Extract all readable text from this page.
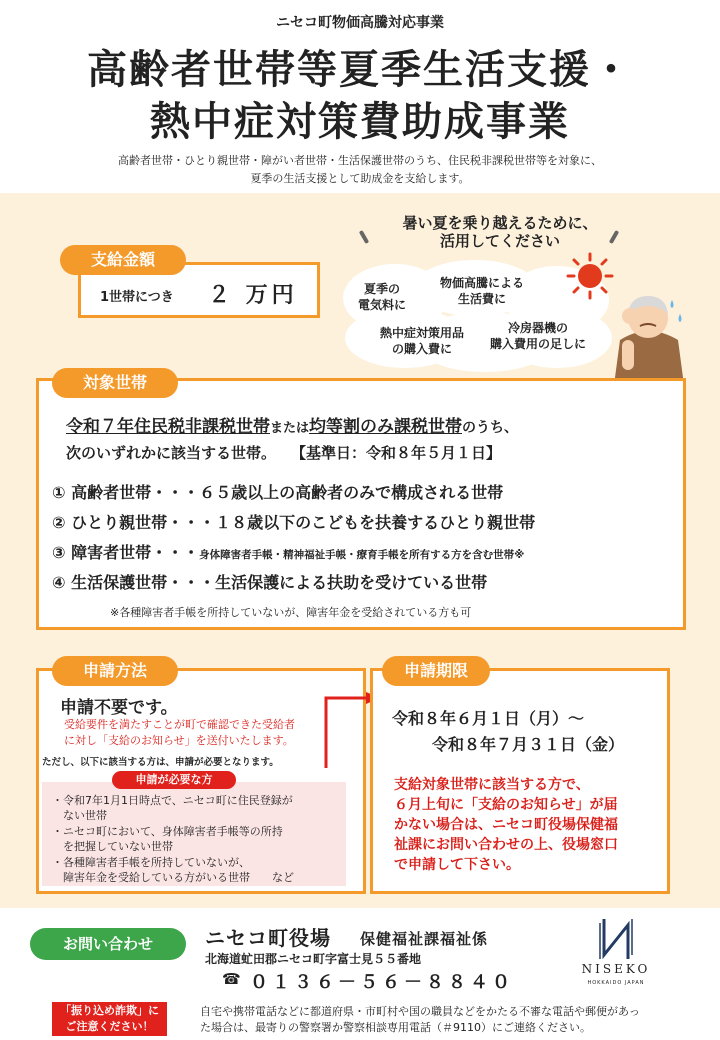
ニセコ町物価高騰対応事業
高齢者世帯等夏季生活支援・
熱中症対策費助成事業
高齢者世帯・ひとり親世帯・障がい者世帯・生活保護世帯のうち、住民税非課税世帯等を対象に、
夏季の生活支援として助成金を支給します。
支給金額
1世帯につき ２ 万円
暑い夏を乗り越えるために、
活用してください
夏季の
電気料に
物価高騰による
生活費に
熱中症対策用品
の購入費に
冷房器機の
購入費用の足しに
対象世帯
令和７年住民税非課税世帯または均等割のみ課税世帯のうち、
次のいずれかに該当する世帯。　　【基準日：令和８年５月１日】
① 高齢者世帯・・・６５歳以上の高齢者のみで構成される世帯
② ひとり親世帯・・・１８歳以下のこどもを扶養するひとり親世帯
③ 障害者世帯・・・身体障害者手帳・精神福祉手帳・療育手帳を所有する方を含む世帯※
④ 生活保護世帯・・・生活保護による扶助を受けている世帯
※各種障害者手帳を所持していないが、障害年金を受給されている方も可
申請方法
申請不要です。
受給要件を満たすことが町で確認できた受給者
に対し「支給のお知らせ」を送付いたします。
ただし、以下に該当する方は、申請が必要となります。
申請が必要な方
・令和7年1月1日時点で、ニセコ町に住民登録が
　ない世帯
・ニセコ町において、身体障害者手帳等の所持
　を把握していない世帯
・各種障害者手帳を所持していないが、
　障害年金を受給している方がいる世帯　　など
申請期限
令和８年６月１日（月）～
令和８年７月３１日（金）
支給対象世帯に該当する方で、
６月上旬に「支給のお知らせ」が届
かない場合は、ニセコ町役場保健福
祉課にお問い合わせの上、役場窓口
で申請して下さい。
お問い合わせ	ニセコ町役場 保健福祉課福祉係
北海道虻田郡ニセコ町字富士見５５番地
☎ ０１３６－５６－８８４０
NISEKO
HOKKAIDO JAPAN
「振り込め詐欺」に
ご注意ください！
自宅や携帯電話などに都道府県・市町村や国の職員などをかたる不審な電話や郵便があっ
た場合は、最寄りの警察署か警察相談専用電話（＃9110）にご連絡ください。
